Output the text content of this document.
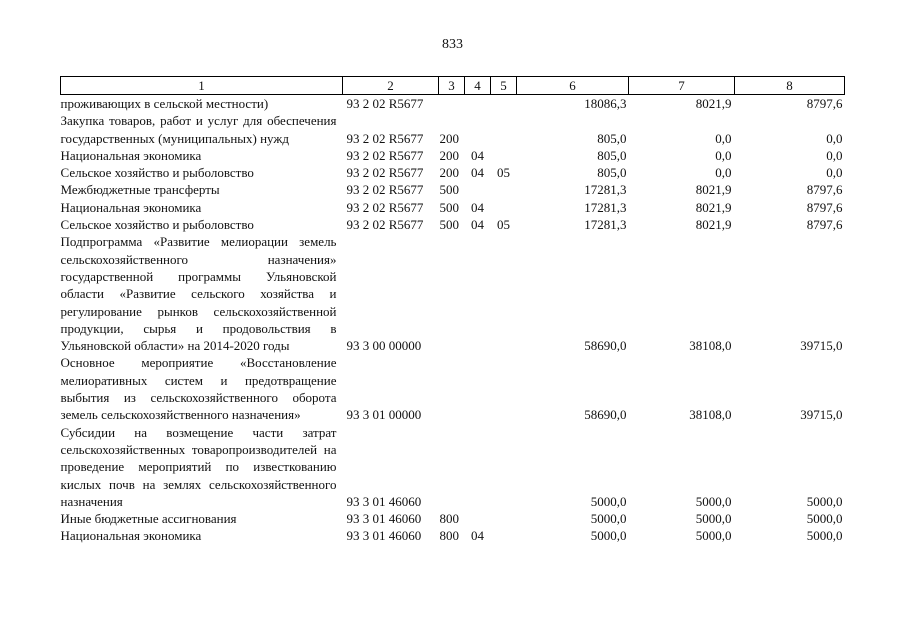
833
1	2	3	4	5	6	7	8
проживающих в сельской местности)	93 2 02 R5677				18086,3	8021,9	8797,6
Закупка товаров, работ и услуг для обеспечения государственных (муниципальных) нужд	93 2 02 R5677	200			805,0	0,0	0,0
Национальная экономика	93 2 02 R5677	200	04		805,0	0,0	0,0
Сельское хозяйство и рыболовство	93 2 02 R5677	200	04	05	805,0	0,0	0,0
Межбюджетные трансферты	93 2 02 R5677	500			17281,3	8021,9	8797,6
Национальная экономика	93 2 02 R5677	500	04		17281,3	8021,9	8797,6
Сельское хозяйство и рыболовство	93 2 02 R5677	500	04	05	17281,3	8021,9	8797,6
Подпрограмма «Развитие мелиорации земель сельскохозяйственного назначения» государственной программы Ульяновской области «Развитие сельского хозяйства и регулирование рынков сельскохозяйственной продукции, сырья и продовольствия в Ульяновской области» на 2014-2020 годы	93 3 00 00000				58690,0	38108,0	39715,0
Основное мероприятие «Восстановление мелиоративных систем и предотвращение выбытия из сельскохозяйственного оборота земель сельскохозяйственного назначения»	93 3 01 00000				58690,0	38108,0	39715,0
Субсидии на возмещение части затрат сельскохозяйственных товаропроизводителей на проведение мероприятий по известкованию кислых почв на землях сельскохозяйственного назначения	93 3 01 46060				5000,0	5000,0	5000,0
Иные бюджетные ассигнования	93 3 01 46060	800			5000,0	5000,0	5000,0
Национальная экономика	93 3 01 46060	800	04		5000,0	5000,0	5000,0
